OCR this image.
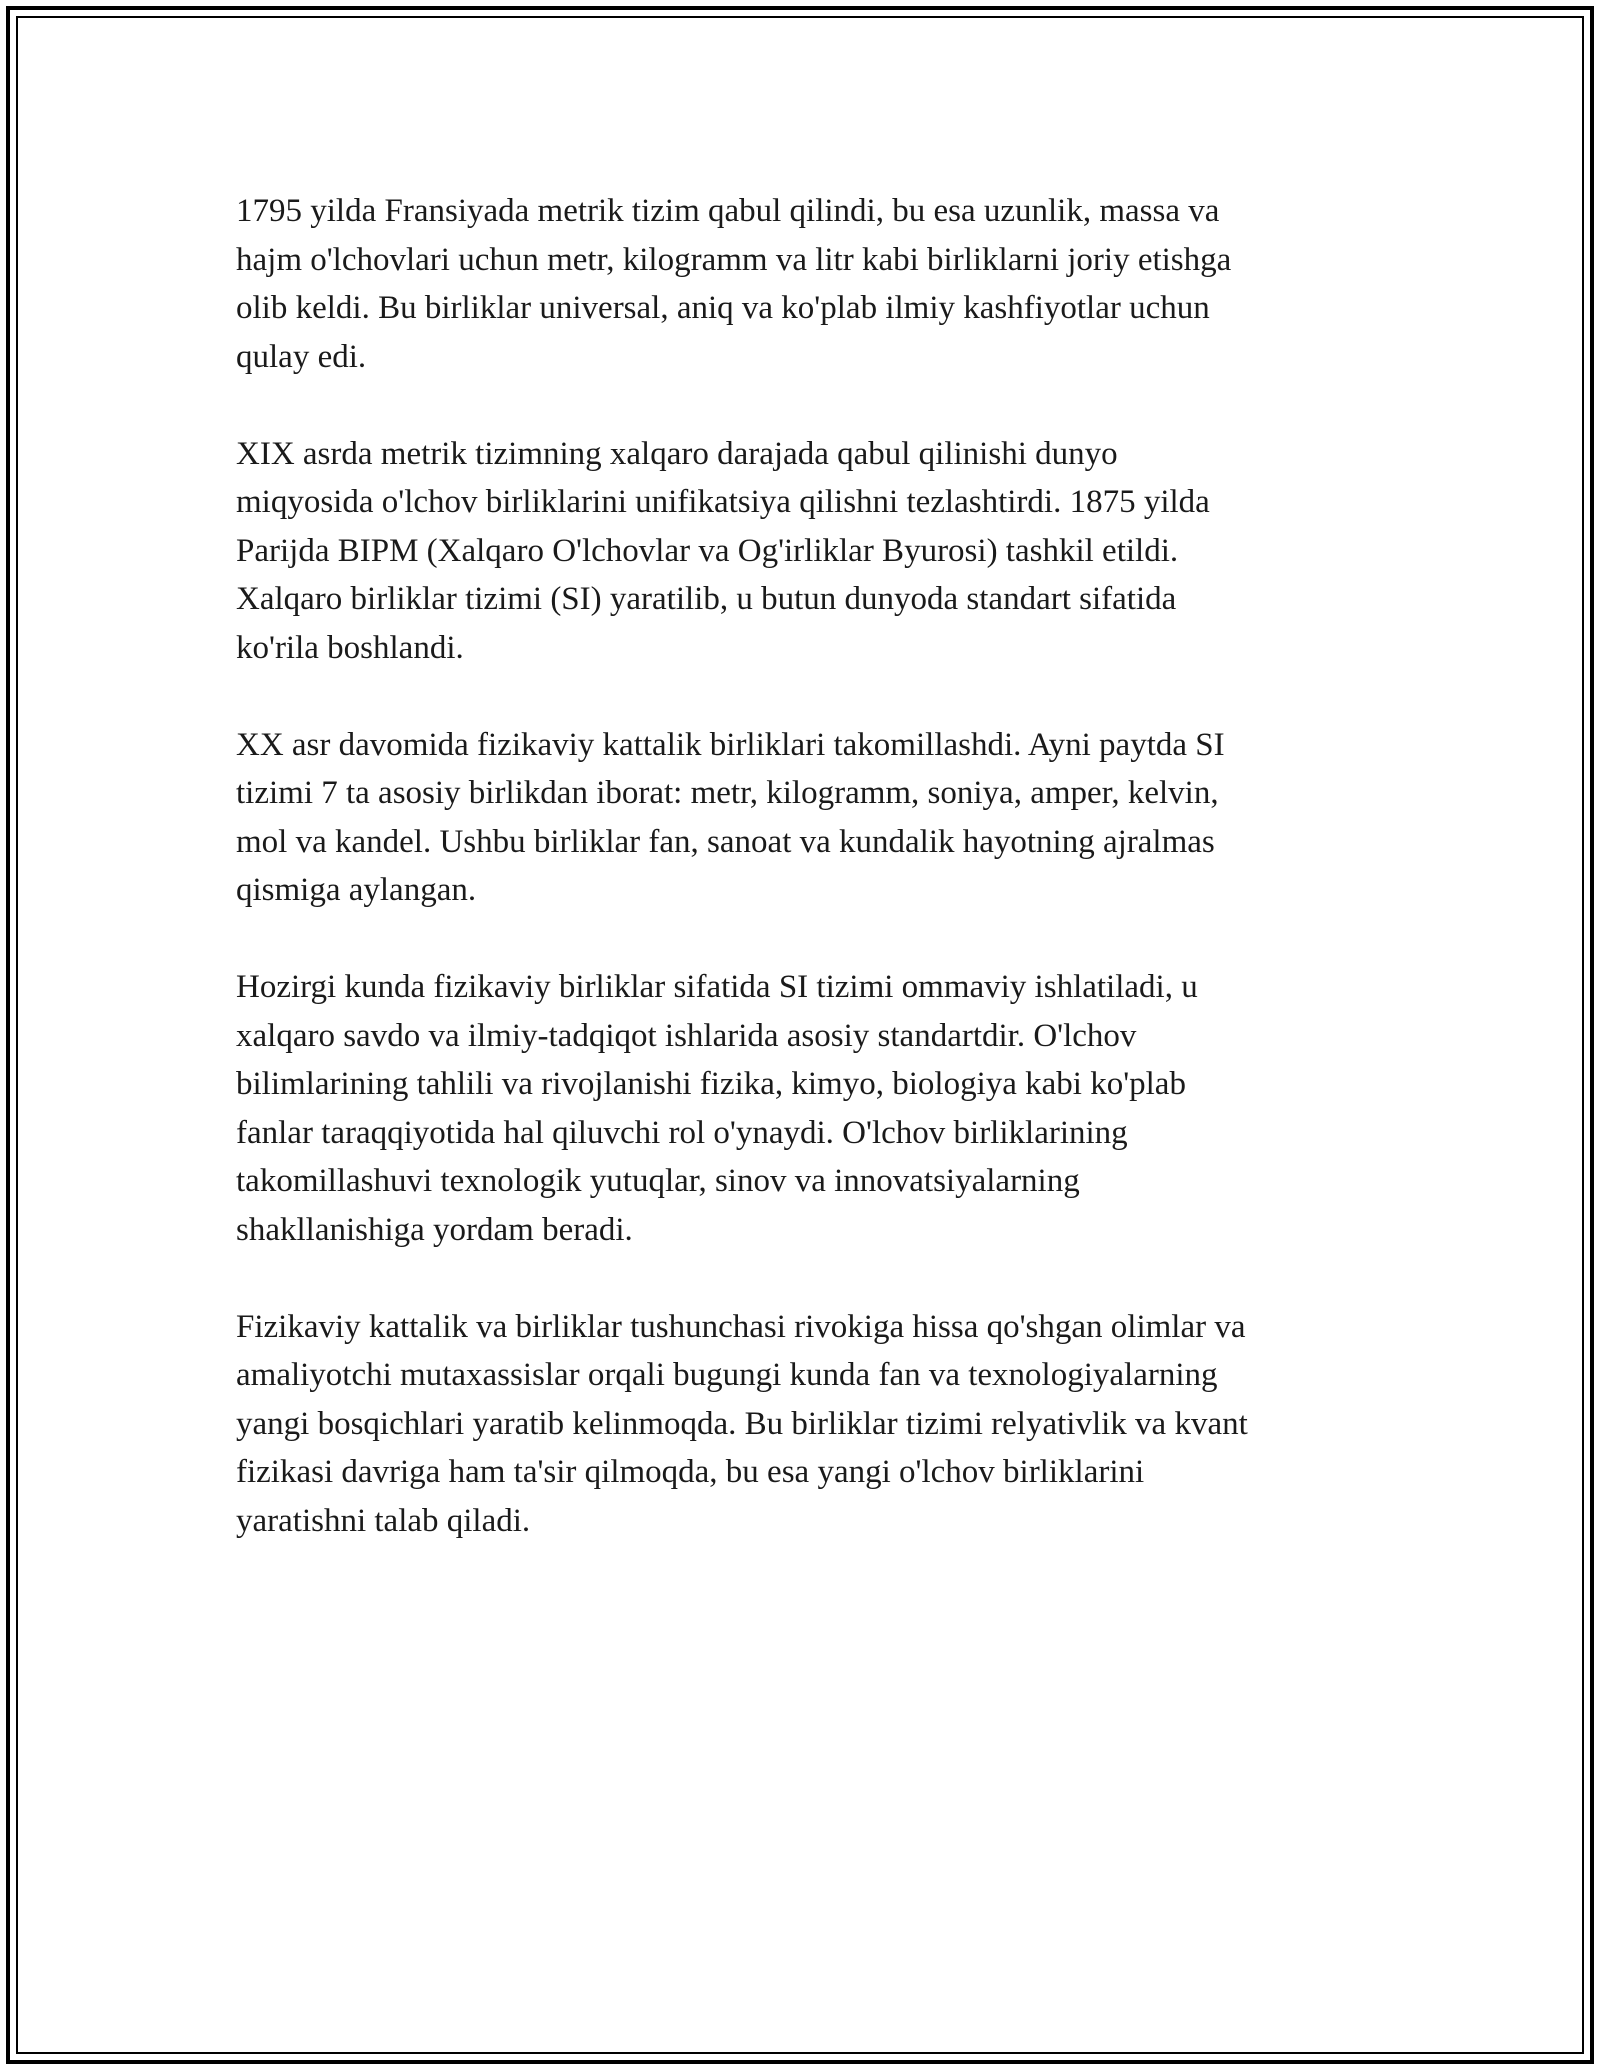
1795 yilda Fransiyada metrik tizim qabul qilindi, bu esa uzunlik, massa va
hajm o'lchovlari uchun metr, kilogramm va litr kabi birliklarni joriy etishga
olib keldi. Bu birliklar universal, aniq va ko'plab ilmiy kashfiyotlar uchun
qulay edi.

XIX asrda metrik tizimning xalqaro darajada qabul qilinishi dunyo
miqyosida o'lchov birliklarini unifikatsiya qilishni tezlashtirdi. 1875 yilda
Parijda BIPM (Xalqaro O'lchovlar va Og'irliklar Byurosi) tashkil etildi.
Xalqaro birliklar tizimi (SI) yaratilib, u butun dunyoda standart sifatida
ko'rila boshlandi.

XX asr davomida fizikaviy kattalik birliklari takomillashdi. Ayni paytda SI
tizimi 7 ta asosiy birlikdan iborat: metr, kilogramm, soniya, amper, kelvin,
mol va kandel. Ushbu birliklar fan, sanoat va kundalik hayotning ajralmas
qismiga aylangan.

Hozirgi kunda fizikaviy birliklar sifatida SI tizimi ommaviy ishlatiladi, u
xalqaro savdo va ilmiy-tadqiqot ishlarida asosiy standartdir. O'lchov
bilimlarining tahlili va rivojlanishi fizika, kimyo, biologiya kabi ko'plab
fanlar taraqqiyotida hal qiluvchi rol o'ynaydi. O'lchov birliklarining
takomillashuvi texnologik yutuqlar, sinov va innovatsiyalarning
shakllanishiga yordam beradi.

Fizikaviy kattalik va birliklar tushunchasi rivokiga hissa qo'shgan olimlar va
amaliyotchi mutaxassislar orqali bugungi kunda fan va texnologiyalarning
yangi bosqichlari yaratib kelinmoqda. Bu birliklar tizimi relyativlik va kvant
fizikasi davriga ham ta'sir qilmoqda, bu esa yangi o'lchov birliklarini
yaratishni talab qiladi.
